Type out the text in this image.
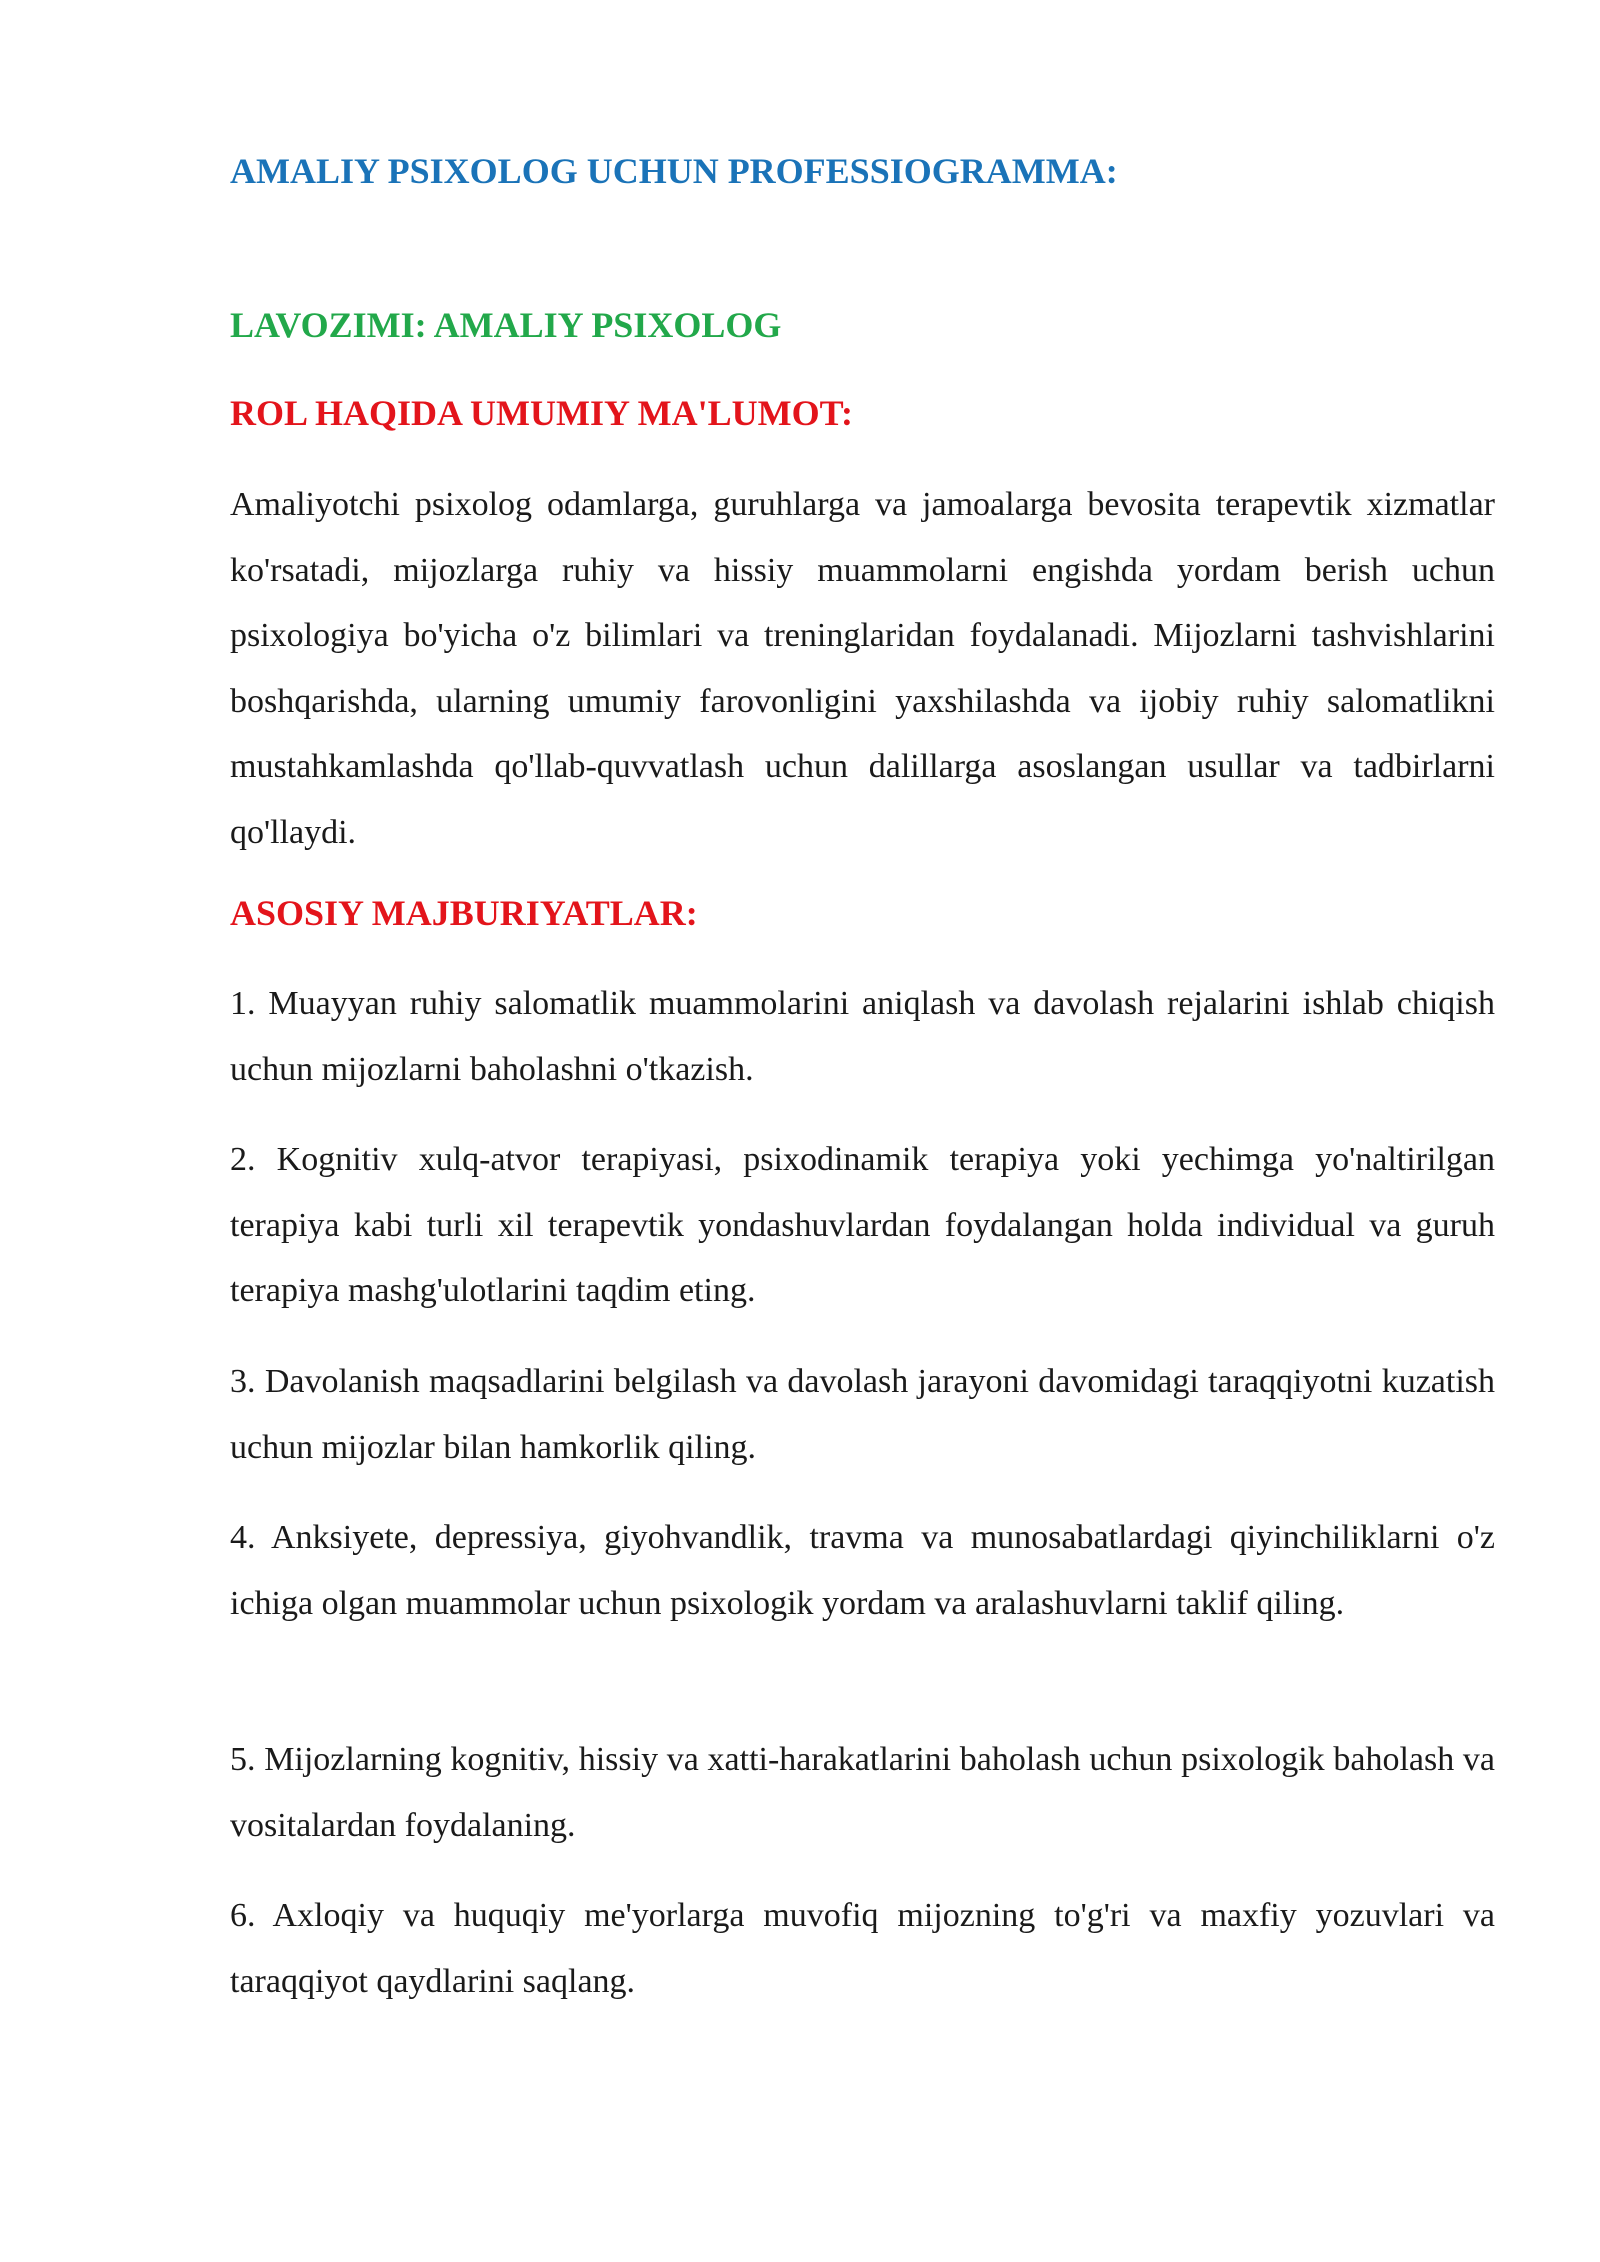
AMALIY PSIXOLOG UCHUN PROFESSIOGRAMMA:
LAVOZIMI: AMALIY PSIXOLOG
ROL HAQIDA UMUMIY MA'LUMOT:

Amaliyotchi psixolog odamlarga, guruhlarga va jamoalarga bevosita terapevtik xizmatlar ko'rsatadi, mijozlarga ruhiy va hissiy muammolarni engishda yordam berish uchun psixologiya bo'yicha o'z bilimlari va treninglaridan foydalanadi. Mijozlarni tashvishlarini boshqarishda, ularning umumiy farovonligini yaxshilashda va ijobiy ruhiy salomatlikni mustahkamlashda qo'llab-quvvatlash uchun dalillarga asoslangan usullar va tadbirlarni qo'llaydi.

ASOSIY MAJBURIYATLAR:

1. Muayyan ruhiy salomatlik muammolarini aniqlash va davolash rejalarini ishlab chiqish uchun mijozlarni baholashni o'tkazish.

2. Kognitiv xulq-atvor terapiyasi, psixodinamik terapiya yoki yechimga yo'naltirilgan terapiya kabi turli xil terapevtik yondashuvlardan foydalangan holda individual va guruh terapiya mashg'ulotlarini taqdim eting.

3. Davolanish maqsadlarini belgilash va davolash jarayoni davomidagi taraqqiyotni kuzatish uchun mijozlar bilan hamkorlik qiling.

4. Anksiyete, depressiya, giyohvandlik, travma va munosabatlardagi qiyinchiliklarni o'z ichiga olgan muammolar uchun psixologik yordam va aralashuvlarni taklif qiling.

5. Mijozlarning kognitiv, hissiy va xatti-harakatlarini baholash uchun psixologik baholash va vositalardan foydalaning.

6. Axloqiy va huquqiy me'yorlarga muvofiq mijozning to'g'ri va maxfiy yozuvlari va taraqqiyot qaydlarini saqlang.
